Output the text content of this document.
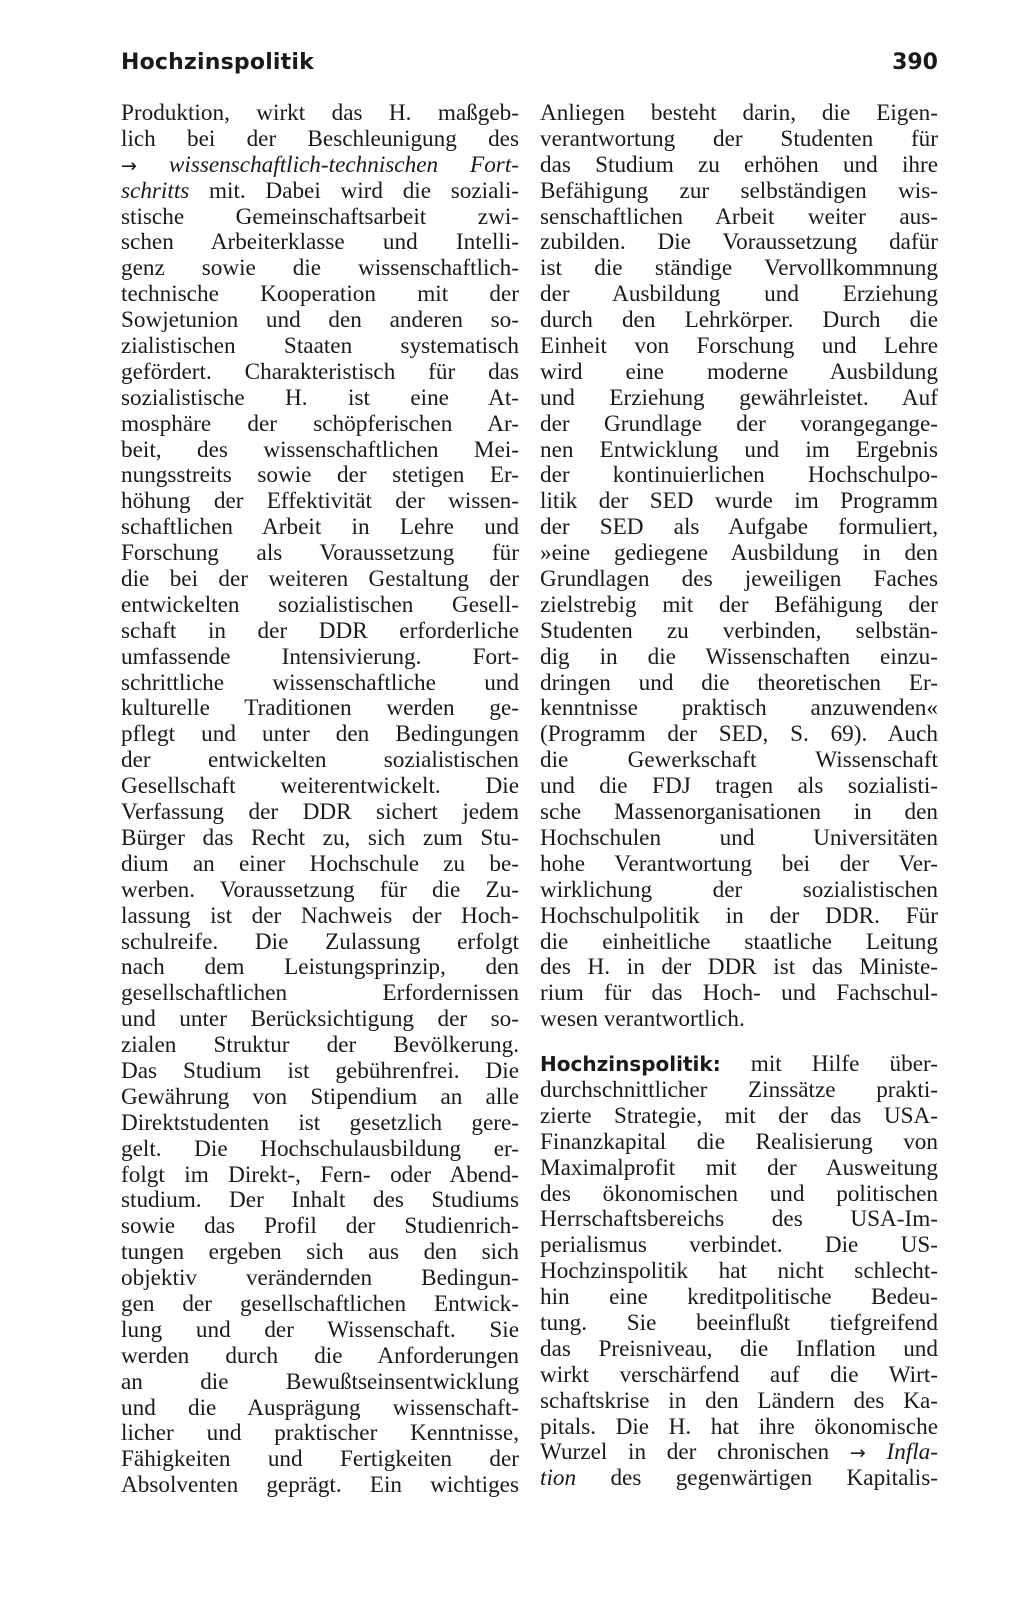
Hochzinspolitik	390
Produktion, wirkt das H. maßgeb-
lich bei der Beschleunigung des
→ wissenschaftlich-technischen Fort-
schritts mit. Dabei wird die soziali-
stische Gemeinschaftsarbeit zwi-
schen Arbeiterklasse und Intelli-
genz sowie die wissenschaftlich-
technische Kooperation mit der
Sowjetunion und den anderen so-
zialistischen Staaten systematisch
gefördert. Charakteristisch für das
sozialistische H. ist eine At-
mosphäre der schöpferischen Ar-
beit, des wissenschaftlichen Mei-
nungsstreits sowie der stetigen Er-
höhung der Effektivität der wissen-
schaftlichen Arbeit in Lehre und
Forschung als Voraussetzung für
die bei der weiteren Gestaltung der
entwickelten sozialistischen Gesell-
schaft in der DDR erforderliche
umfassende Intensivierung. Fort-
schrittliche wissenschaftliche und
kulturelle Traditionen werden ge-
pflegt und unter den Bedingungen
der entwickelten sozialistischen
Gesellschaft weiterentwickelt. Die
Verfassung der DDR sichert jedem
Bürger das Recht zu, sich zum Stu-
dium an einer Hochschule zu be-
werben. Voraussetzung für die Zu-
lassung ist der Nachweis der Hoch-
schulreife. Die Zulassung erfolgt
nach dem Leistungsprinzip, den
gesellschaftlichen Erfordernissen
und unter Berücksichtigung der so-
zialen Struktur der Bevölkerung.
Das Studium ist gebührenfrei. Die
Gewährung von Stipendium an alle
Direktstudenten ist gesetzlich gere-
gelt. Die Hochschulausbildung er-
folgt im Direkt-, Fern- oder Abend-
studium. Der Inhalt des Studiums
sowie das Profil der Studienrich-
tungen ergeben sich aus den sich
objektiv verändernden Bedingun-
gen der gesellschaftlichen Entwick-
lung und der Wissenschaft. Sie
werden durch die Anforderungen
an die Bewußtseinsentwicklung
und die Ausprägung wissenschaft-
licher und praktischer Kenntnisse,
Fähigkeiten und Fertigkeiten der
Absolventen geprägt. Ein wichtiges
Anliegen besteht darin, die Eigen-
verantwortung der Studenten für
das Studium zu erhöhen und ihre
Befähigung zur selbständigen wis-
senschaftlichen Arbeit weiter aus-
zubilden. Die Voraussetzung dafür
ist die ständige Vervollkommnung
der Ausbildung und Erziehung
durch den Lehrkörper. Durch die
Einheit von Forschung und Lehre
wird eine moderne Ausbildung
und Erziehung gewährleistet. Auf
der Grundlage der vorangegange-
nen Entwicklung und im Ergebnis
der kontinuierlichen Hochschulpo-
litik der SED wurde im Programm
der SED als Aufgabe formuliert,
»eine gediegene Ausbildung in den
Grundlagen des jeweiligen Faches
zielstrebig mit der Befähigung der
Studenten zu verbinden, selbstän-
dig in die Wissenschaften einzu-
dringen und die theoretischen Er-
kenntnisse praktisch anzuwenden«
(Programm der SED, S. 69). Auch
die Gewerkschaft Wissenschaft
und die FDJ tragen als sozialisti-
sche Massenorganisationen in den
Hochschulen und Universitäten
hohe Verantwortung bei der Ver-
wirklichung der sozialistischen
Hochschulpolitik in der DDR. Für
die einheitliche staatliche Leitung
des H. in der DDR ist das Ministe-
rium für das Hoch- und Fachschul-
wesen verantwortlich.
Hochzinspolitik: mit Hilfe über-
durchschnittlicher Zinssätze prakti-
zierte Strategie, mit der das USA-
Finanzkapital die Realisierung von
Maximalprofit mit der Ausweitung
des ökonomischen und politischen
Herrschaftsbereichs des USA-Im-
perialismus verbindet. Die US-
Hochzinspolitik hat nicht schlecht-
hin eine kreditpolitische Bedeu-
tung. Sie beeinflußt tiefgreifend
das Preisniveau, die Inflation und
wirkt verschärfend auf die Wirt-
schaftskrise in den Ländern des Ka-
pitals. Die H. hat ihre ökonomische
Wurzel in der chronischen → Infla-
tion des gegenwärtigen Kapitalis-
